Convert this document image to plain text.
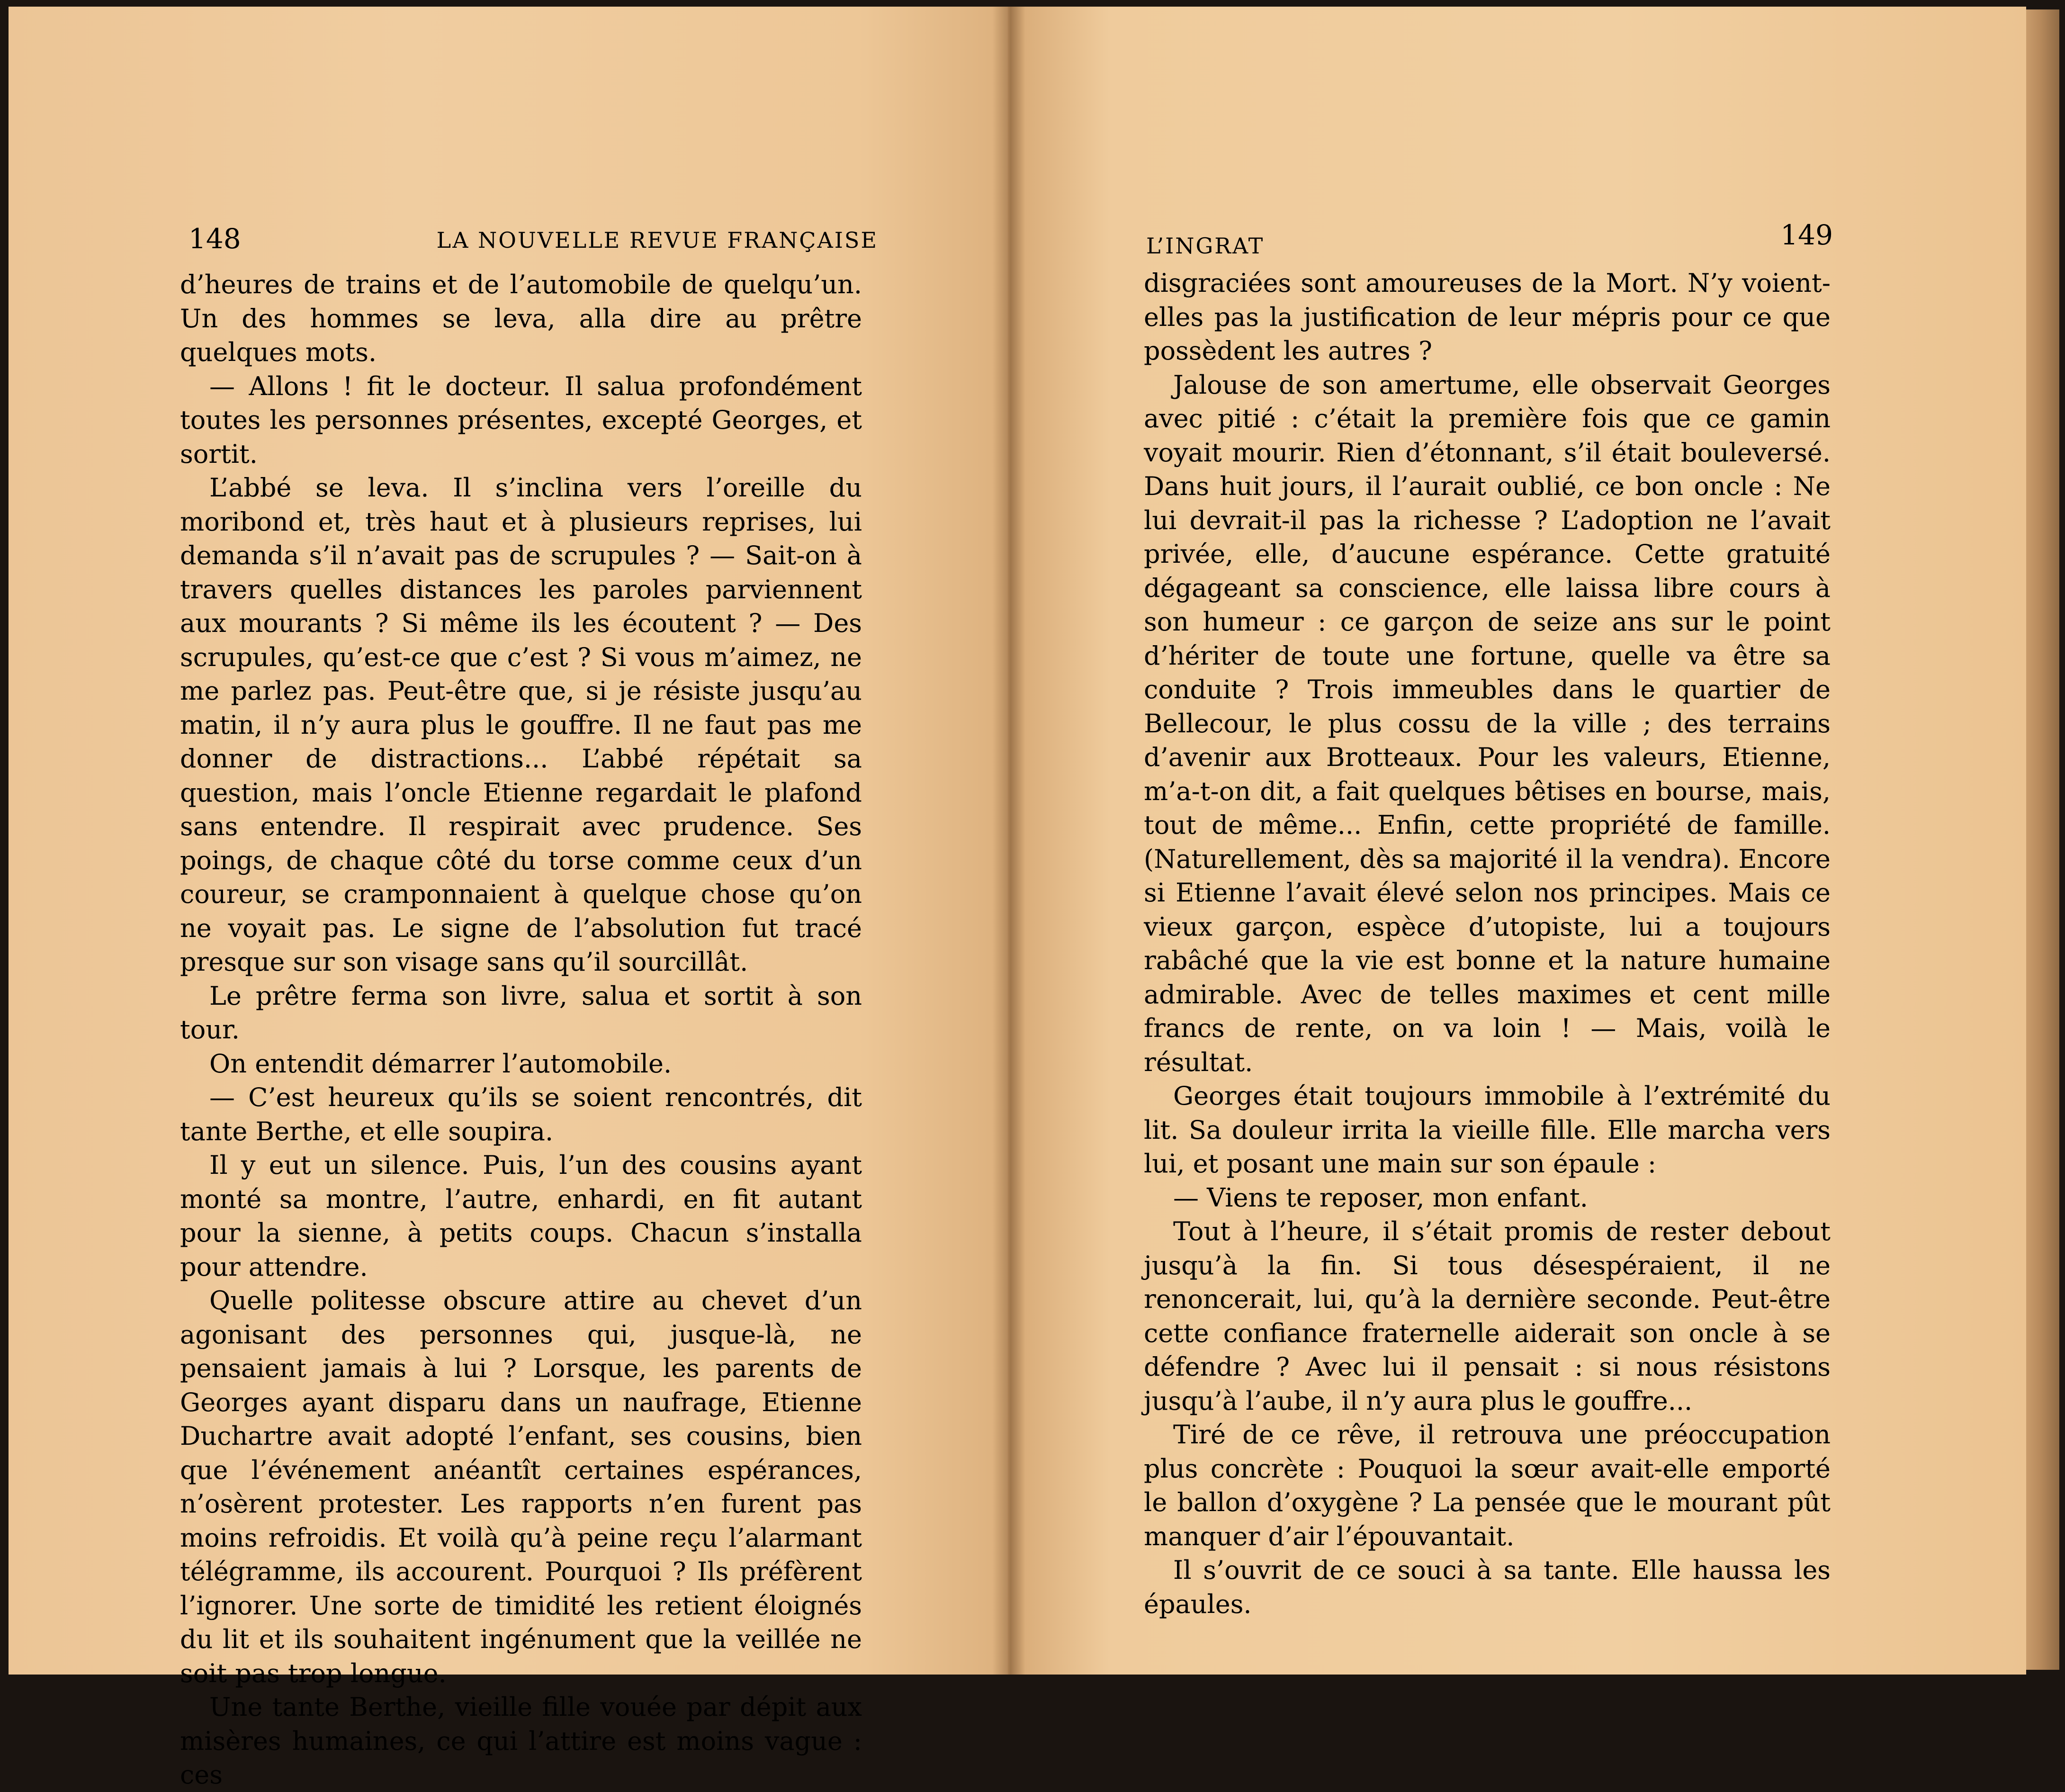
148	LA NOUVELLE REVUE FRANÇAISE	L’INGRAT	149

d’heures de trains et de l’automobile de quelqu’un. Un des hommes se leva, alla dire au prêtre quelques mots.

— Allons ! fit le docteur. Il salua profondément toutes les personnes présentes, excepté Georges, et sortit.

L’abbé se leva. Il s’inclina vers l’oreille du moribond et, très haut et à plusieurs reprises, lui demanda s’il n’avait pas de scrupules ? — Sait-on à travers quelles distances les paroles parviennent aux mourants ? Si même ils les écoutent ? — Des scrupules, qu’est-ce que c’est ? Si vous m’aimez, ne me parlez pas. Peut-être que, si je résiste jusqu’au matin, il n’y aura plus le gouffre. Il ne faut pas me donner de distractions... L’abbé répétait sa question, mais l’oncle Etienne regardait le plafond sans entendre. Il respirait avec prudence. Ses poings, de chaque côté du torse comme ceux d’un coureur, se cramponnaient à quelque chose qu’on ne voyait pas. Le signe de l’absolution fut tracé presque sur son visage sans qu’il sourcillât.

Le prêtre ferma son livre, salua et sortit à son tour.

On entendit démarrer l’automobile.

— C’est heureux qu’ils se soient rencontrés, dit tante Berthe, et elle soupira.

Il y eut un silence. Puis, l’un des cousins ayant monté sa montre, l’autre, enhardi, en fit autant pour la sienne, à petits coups. Chacun s’installa pour attendre.

Quelle politesse obscure attire au chevet d’un agonisant des personnes qui, jusque-là, ne pensaient jamais à lui ? Lorsque, les parents de Georges ayant disparu dans un naufrage, Etienne Duchartre avait adopté l’enfant, ses cousins, bien que l’événement anéantît certaines espérances, n’osèrent protester. Les rapports n’en furent pas moins refroidis. Et voilà qu’à peine reçu l’alarmant télégramme, ils accourent. Pourquoi ? Ils préfèrent l’ignorer. Une sorte de timidité les retient éloignés du lit et ils souhaitent ingénument que la veillée ne soit pas trop longue.

Une tante Berthe, vieille fille vouée par dépit aux misères humaines, ce qui l’attire est moins vague : ces

disgraciées sont amoureuses de la Mort. N’y voient-elles pas la justification de leur mépris pour ce que possèdent les autres ?

Jalouse de son amertume, elle observait Georges avec pitié : c’était la première fois que ce gamin voyait mourir. Rien d’étonnant, s’il était bouleversé. Dans huit jours, il l’aurait oublié, ce bon oncle : Ne lui devrait-il pas la richesse ? L’adoption ne l’avait privée, elle, d’aucune espérance. Cette gratuité dégageant sa conscience, elle laissa libre cours à son humeur : ce garçon de seize ans sur le point d’hériter de toute une fortune, quelle va être sa conduite ? Trois immeubles dans le quartier de Bellecour, le plus cossu de la ville ; des terrains d’avenir aux Brotteaux. Pour les valeurs, Etienne, m’a-t-on dit, a fait quelques bêtises en bourse, mais, tout de même... Enfin, cette propriété de famille. (Naturellement, dès sa majorité il la vendra). Encore si Etienne l’avait élevé selon nos principes. Mais ce vieux garçon, espèce d’utopiste, lui a toujours rabâché que la vie est bonne et la nature humaine admirable. Avec de telles maximes et cent mille francs de rente, on va loin ! — Mais, voilà le résultat.

Georges était toujours immobile à l’extrémité du lit. Sa douleur irrita la vieille fille. Elle marcha vers lui, et posant une main sur son épaule :

— Viens te reposer, mon enfant.

Tout à l’heure, il s’était promis de rester debout jusqu’à la fin. Si tous désespéraient, il ne renoncerait, lui, qu’à la dernière seconde. Peut-être cette confiance fraternelle aiderait son oncle à se défendre ? Avec lui il pensait : si nous résistons jusqu’à l’aube, il n’y aura plus le gouffre...

Tiré de ce rêve, il retrouva une préoccupation plus concrète : Pouquoi la sœur avait-elle emporté le ballon d’oxygène ? La pensée que le mourant pût manquer d’air l’épouvantait.

Il s’ouvrit de ce souci à sa tante. Elle haussa les épaules.
